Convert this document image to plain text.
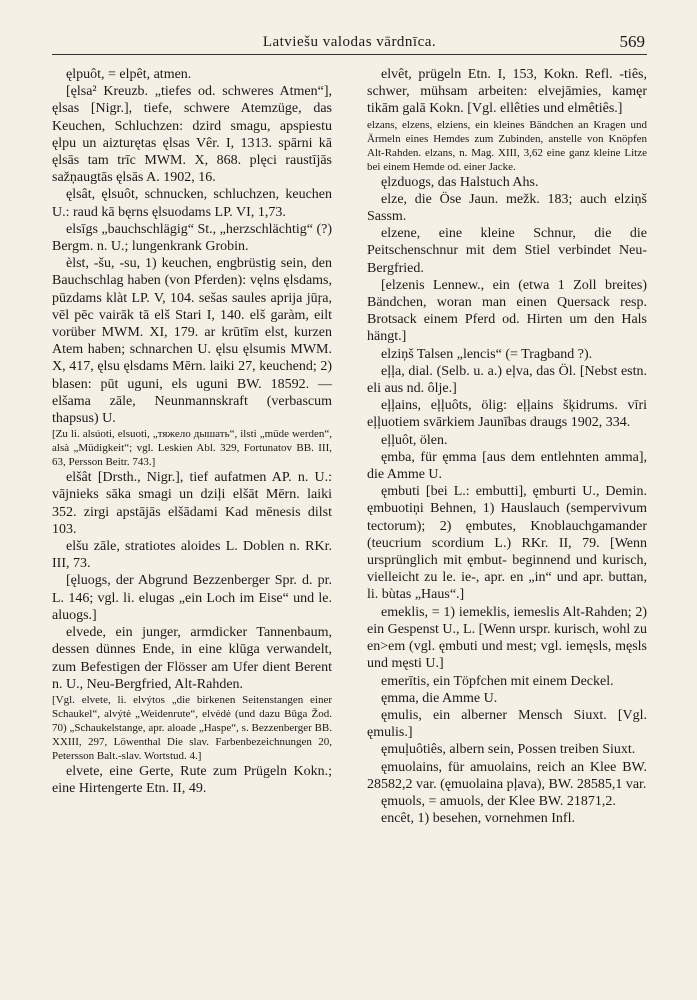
Latviešu valodas vārdnīca.	569

ęlpuôt, = elpêt, atmen.

[ęlsa² Kreuzb. „tiefes od. schweres Atmen“], ęlsas [Nigr.], tiefe, schwere Atemzüge, das Keuchen, Schluchzen: dzird smagu, apspiestu ęlpu un aizturętas ęlsas Vêr. I, 1313. spārni kā ęlsās tam trīc MWM. X, 868. plęci raustījās sažņaugtās ęlsās A. 1902, 16.

ęlsât, ęlsuôt, schnucken, schluchzen, keuchen U.: raud kā bęrns ęlsuodams LP. VI, 1,73.

elsīgs „bauchschlägig“ St., „herzschlächtig“ (?) Bergm. n. U.; lungenkrank Grobin.

èlst, -šu, -su, 1) keuchen, engbrüstig sein, den Bauchschlag haben (von Pferden): vęlns ęlsdams, pūzdams klàt LP. V, 104. sešas saules aprija jūŗa, vēl pēc vairāk tā elš Stari I, 140. elš garàm, eilt vorüber MWM. XI, 179. ar krūtīm elst, kurzen Atem haben; schnarchen U. ęlsu ęlsumis MWM. X, 417, ęlsu ęlsdams Mērn. laiki 27, keuchend; 2) blasen: pūt uguni, els uguni BW. 18592. — elšama zāle, Neunmannskraft (verbascum thapsus) U.

[Zu li. alsúoti, elsuoti, „тяжело дышать“, ilsti „müde werden“, alsà „Müdigkeit“; vgl. Leskien Abl. 329, Fortunatov BB. III, 63, Persson Beitr. 743.]

elšât [Drsth., Nigr.], tief aufatmen AP. n. U.: vājnieks sāka smagi un dziļi elšāt Mērn. laiki 352. zirgi apstājās elšādami Kad mēnesis dilst 103.

elšu zāle, stratiotes aloides L. Doblen n. RKr. III, 73.

[ęluogs, der Abgrund Bezzenberger Spr. d. pr. L. 146; vgl. li. elugas „ein Loch im Eise“ und le. aluogs.]

elvede, ein junger, armdicker Tannenbaum, dessen dünnes Ende, in eine klūga verwandelt, zum Befestigen der Flösser am Ufer dient Berent n. U., Neu-Bergfried, Alt-Rahden.

[Vgl. elvete, li. elvýtos „die birkenen Seitenstangen einer Schaukel“, alvýtė „Weidenrute“, elvėdė (und dazu Būga Žod. 70) „Schaukelstange, apr. aloade „Haspe“, s. Bezzenberger BB. XXIII, 297, Löwenthal Die slav. Farbenbezeichnungen 20, Petersson Balt.-slav. Wortstud. 4.]

elvete, eine Gerte, Rute zum Prügeln Kokn.; eine Hirtengerte Etn. II, 49.

elvêt, prügeln Etn. I, 153, Kokn. Refl. -tiês, schwer, mühsam arbeiten: elvejāmies, kamęr tikām galā Kokn. [Vgl. ellêties und elmêtiês.]

elzans, elzens, elziens, ein kleines Bändchen an Kragen und Ärmeln eines Hemdes zum Zubinden, anstelle von Knöpfen Alt-Rahden. elzans, n. Mag. XIII, 3,62 eine ganz kleine Litze bei einem Hemde od. einer Jacke.

ęlzduogs, das Halstuch Ahs.

elze, die Öse Jaun. mežk. 183; auch elziņš Sassm.

elzene, eine kleine Schnur, die die Peitschenschnur mit dem Stiel verbindet Neu-Bergfried.

[elzenis Lennew., ein (etwa 1 Zoll breites) Bändchen, woran man einen Quersack resp. Brotsack einem Pferd od. Hirten um den Hals hängt.]

elziņš Talsen „lencis“ (= Tragband ?).

eļļa, dial. (Selb. u. a.) eļva, das Öl. [Nebst estn. eli aus nd. ôlje.]

eļļains, eļļuôts, ölig: eļļains šķidrums. vīri eļļuotiem svārkiem Jaunības draugs 1902, 334.

eļļuôt, ölen.

ęmba, für ęmma [aus dem entlehnten amma], die Amme U.

ęmbuti [bei L.: embutti], ęmburti U., Demin. ęmbuotiņi Behnen, 1) Hauslauch (sempervivum tectorum); 2) ęmbutes, Knoblauchgamander (teucrium scordium L.) RKr. II, 79. [Wenn ursprünglich mit ęmbut- beginnend und kurisch, vielleicht zu le. ie-, apr. en „in“ und apr. buttan, li. bùtas „Haus“.]

emeklis, = 1) iemeklis, iemeslis Alt-Rahden; 2) ein Gespenst U., L. [Wenn urspr. kurisch, wohl zu en>em (vgl. ęmbuti und mest; vgl. iemęsls, męsls und męsti U.]

emerītis, ein Töpfchen mit einem Deckel.

ęmma, die Amme U.

ęmulis, ein alberner Mensch Siuxt. [Vgl. ęmulis.]

ęmuļuôtiês, albern sein, Possen treiben Siuxt.

ęmuolains, für amuolains, reich an Klee BW. 28582,2 var. (ęmuolaina pļava), BW. 28585,1 var.

ęmuols, = amuols, der Klee BW. 21871,2.

encêt, 1) besehen, vornehmen Infl.
